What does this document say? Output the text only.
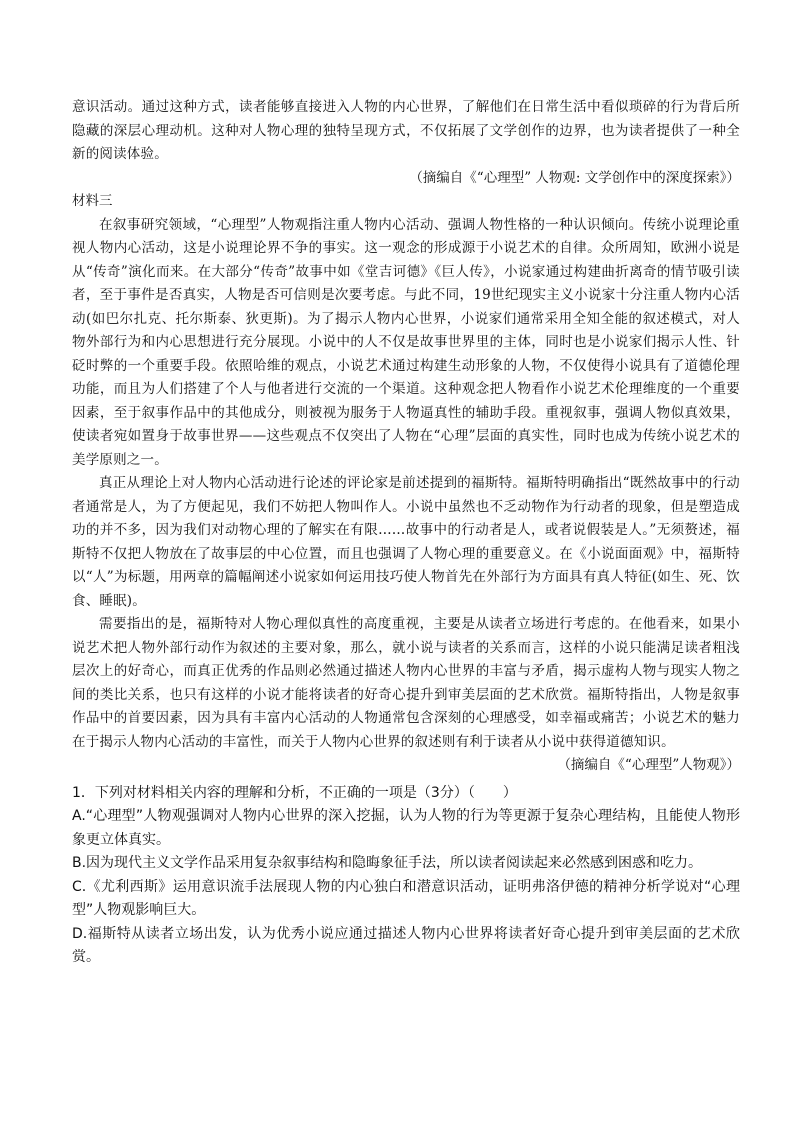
意识活动。通过这种方式，读者能够直接进入人物的内心世界，了解他们在日常生活中看似琐碎的行为背后所隐藏的深层心理动机。这种对人物心理的独特呈现方式，不仅拓展了文学创作的边界，也为读者提供了一种全新的阅读体验。

（摘编自《“心理型” 人物观: 文学创作中的深度探索》）

材料三

在叙事研究领域，“心理型”人物观指注重人物内心活动、强调人物性格的一种认识倾向。传统小说理论重视人物内心活动，这是小说理论界不争的事实。这一观念的形成源于小说艺术的自律。众所周知，欧洲小说是从“传奇”演化而来。在大部分“传奇”故事中如《堂吉诃德》《巨人传》，小说家通过构建曲折离奇的情节吸引读者，至于事件是否真实，人物是否可信则是次要考虑。与此不同，19世纪现实主义小说家十分注重人物内心活动(如巴尔扎克、托尔斯泰、狄更斯)。为了揭示人物内心世界，小说家们通常采用全知全能的叙述模式，对人物外部行为和内心思想进行充分展现。小说中的人不仅是故事世界里的主体，同时也是小说家们揭示人性、针砭时弊的一个重要手段。依照哈维的观点，小说艺术通过构建生动形象的人物，不仅使得小说具有了道德伦理功能，而且为人们搭建了个人与他者进行交流的一个渠道。这种观念把人物看作小说艺术伦理维度的一个重要因素，至于叙事作品中的其他成分，则被视为服务于人物逼真性的辅助手段。重视叙事，强调人物似真效果，使读者宛如置身于故事世界——这些观点不仅突出了人物在“心理”层面的真实性，同时也成为传统小说艺术的美学原则之一。

真正从理论上对人物内心活动进行论述的评论家是前述提到的福斯特。福斯特明确指出“既然故事中的行动者通常是人，为了方便起见，我们不妨把人物叫作人。小说中虽然也不乏动物作为行动者的现象，但是塑造成功的并不多，因为我们对动物心理的了解实在有限……故事中的行动者是人，或者说假装是人。”无须赘述，福斯特不仅把人物放在了故事层的中心位置，而且也强调了人物心理的重要意义。在《小说面面观》中，福斯特以“人”为标题，用两章的篇幅阐述小说家如何运用技巧使人物首先在外部行为方面具有真人特征(如生、死、饮食、睡眠)。

需要指出的是，福斯特对人物心理似真性的高度重视，主要是从读者立场进行考虑的。在他看来，如果小说艺术把人物外部行动作为叙述的主要对象，那么，就小说与读者的关系而言，这样的小说只能满足读者粗浅层次上的好奇心，而真正优秀的作品则必然通过描述人物内心世界的丰富与矛盾，揭示虚构人物与现实人物之间的类比关系，也只有这样的小说才能将读者的好奇心提升到审美层面的艺术欣赏。福斯特指出，人物是叙事作品中的首要因素，因为具有丰富内心活动的人物通常包含深刻的心理感受，如幸福或痛苦；小说艺术的魅力在于揭示人物内心活动的丰富性，而关于人物内心世界的叙述则有利于读者从小说中获得道德知识。

（摘编自《“心理型”人物观》）

1．下列对材料相关内容的理解和分析，不正确的一项是（3分）（　　）

A.“心理型”人物观强调对人物内心世界的深入挖掘，认为人物的行为等更源于复杂心理结构，且能使人物形象更立体真实。

B.因为现代主义文学作品采用复杂叙事结构和隐晦象征手法，所以读者阅读起来必然感到困惑和吃力。

C.《尤利西斯》运用意识流手法展现人物的内心独白和潜意识活动，证明弗洛伊德的精神分析学说对“心理型”人物观影响巨大。

D.福斯特从读者立场出发，认为优秀小说应通过描述人物内心世界将读者好奇心提升到审美层面的艺术欣赏。
